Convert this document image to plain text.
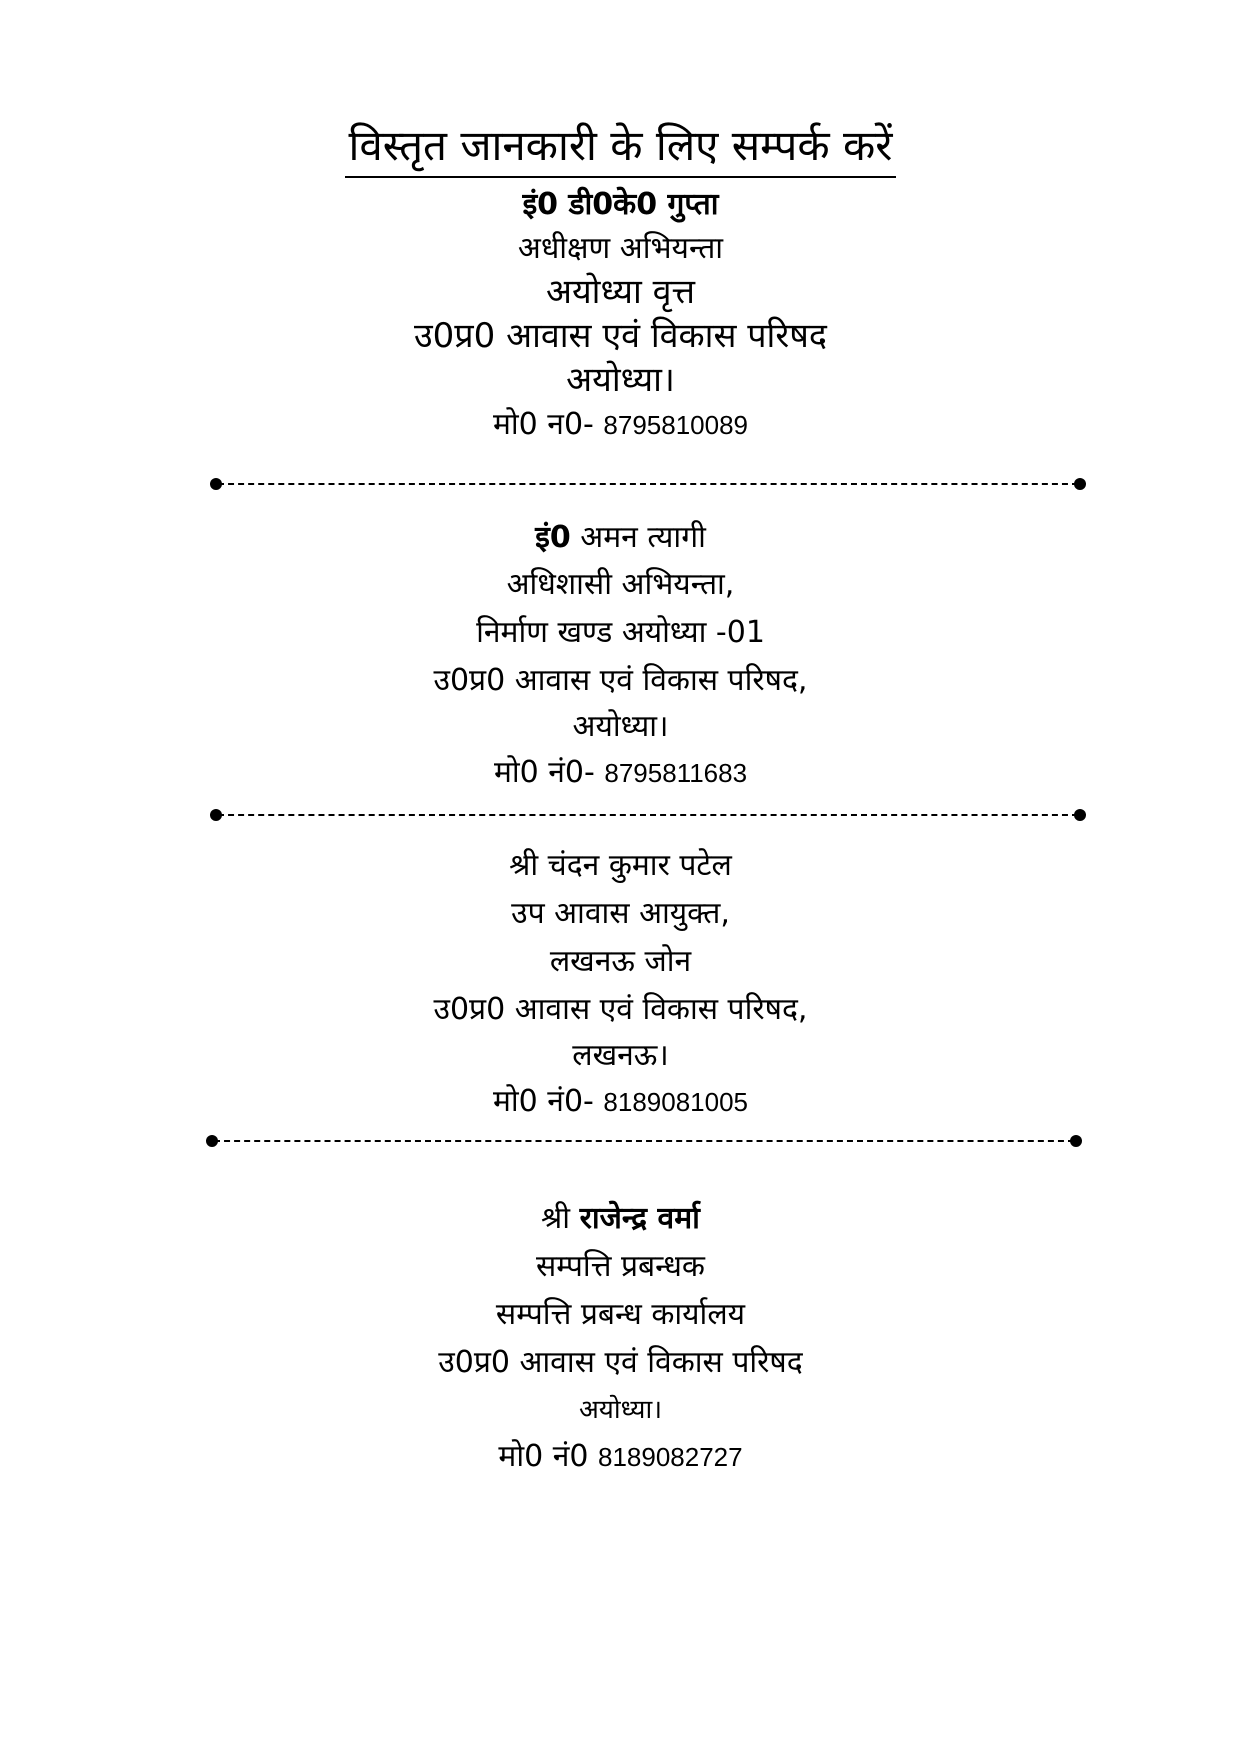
विस्तृत जानकारी के लिए सम्पर्क करें
इं0 डी0के0 गुप्ता
अधीक्षण अभियन्ता
अयोध्या वृत्त
उ0प्र0 आवास एवं विकास परिषद
अयोध्या।
मो0 न0- 8795810089
इं0 अमन त्यागी
अधिशासी अभियन्ता,
निर्माण खण्ड अयोध्या -01
उ0प्र0 आवास एवं विकास परिषद,
अयोध्या।
मो0 नं0- 8795811683
श्री चंदन कुमार पटेल
उप आवास आयुक्त,
लखनऊ जोन
उ0प्र0 आवास एवं विकास परिषद,
लखनऊ।
मो0 नं0- 8189081005
श्री राजेन्द्र वर्मा
सम्पत्ति प्रबन्धक
सम्पत्ति प्रबन्ध कार्यालय
उ0प्र0 आवास एवं विकास परिषद
अयोध्या।
मो0 नं0 8189082727
